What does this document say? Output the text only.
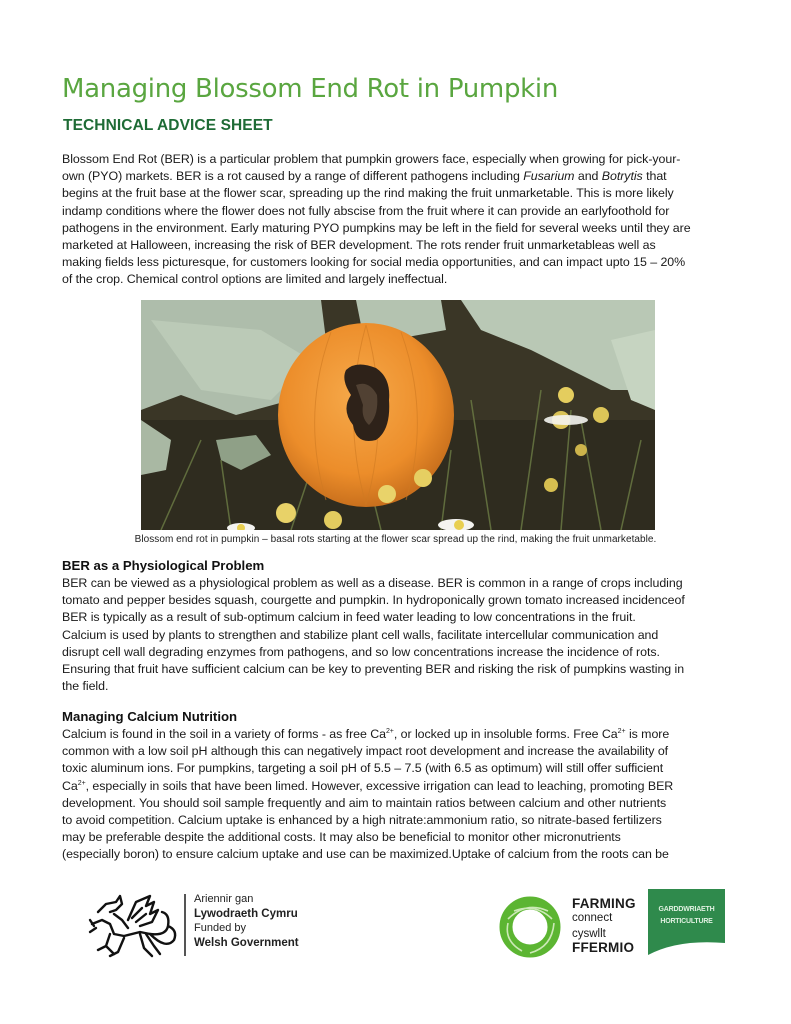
Managing Blossom End Rot in Pumpkin
TECHNICAL ADVICE SHEET

Blossom End Rot (BER) is a particular problem that pumpkin growers face, especially when growing for pick-your-
own (PYO) markets. BER is a rot caused by a range of different pathogens including Fusarium and Botrytis that
begins at the fruit base at the flower scar, spreading up the rind making the fruit unmarketable. This is more likely
indamp conditions where the flower does not fully abscise from the fruit where it can provide an earlyfoothold for
pathogens in the environment. Early maturing PYO pumpkins may be left in the field for several weeks until they are
marketed at Halloween, increasing the risk of BER development. The rots render fruit unmarketableas well as
making fields less picturesque, for customers looking for social media opportunities, and can impact upto 15 – 20%
of the crop. Chemical control options are limited and largely ineffectual.

Blossom end rot in pumpkin – basal rots starting at the flower scar spread up the rind, making the fruit unmarketable.
BER as a Physiological Problem

BER can be viewed as a physiological problem as well as a disease. BER is common in a range of crops including
tomato and pepper besides squash, courgette and pumpkin. In hydroponically grown tomato increased incidenceof
BER is typically as a result of sub-optimum calcium in feed water leading to low concentrations in the fruit.
Calcium is used by plants to strengthen and stabilize plant cell walls, facilitate intercellular communication and
disrupt cell wall degrading enzymes from pathogens, and so low concentrations increase the incidence of rots.
Ensuring that fruit have sufficient calcium can be key to preventing BER and risking the risk of pumpkins wasting in
the field.

Managing Calcium Nutrition

Calcium is found in the soil in a variety of forms - as free $Ca^{2+}$, or locked up in insoluble forms. Free $Ca^{2+}$ is more
common with a low soil pH although this can negatively impact root development and increase the availability of
toxic aluminum ions. For pumpkins, targeting a soil pH of 5.5 – 7.5 (with 6.5 as optimum) will still offer sufficient
$Ca^{2+}$, especially in soils that have been limed. However, excessive irrigation can lead to leaching, promoting BER
development. You should soil sample frequently and aim to maintain ratios between calcium and other nutrients
to avoid competition. Calcium uptake is enhanced by a high nitrate:ammonium ratio, so nitrate-based fertilizers
may be preferable despite the additional costs. It may also be beneficial to monitor other micronutrients
(especially boron) to ensure calcium uptake and use can be maximized.Uptake of calcium from the roots can be

Ariennir gan
Lywodraeth Cymru
Funded by
Welsh Government
FARMING
connect
cyswllt
FFERMIO
GARDDWRIAETH
HORTICULTURE
